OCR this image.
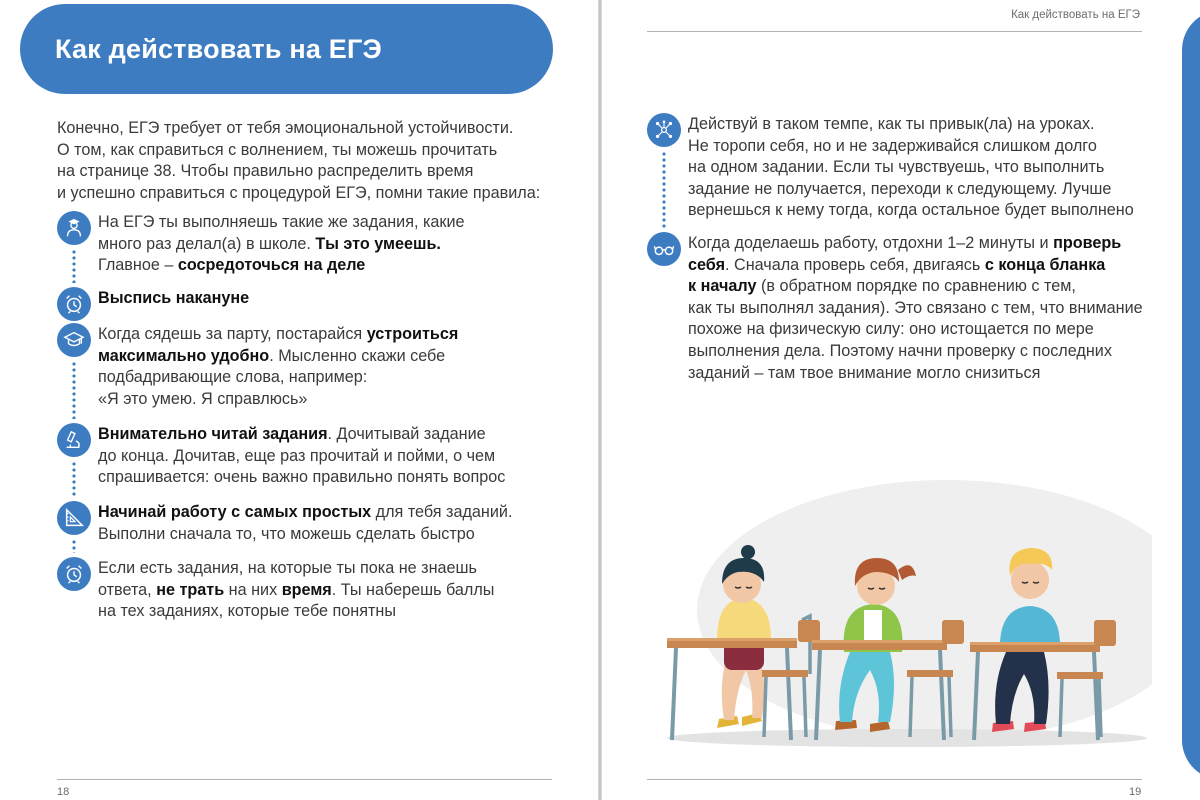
Как действовать на ЕГЭ
Конечно, ЕГЭ требует от тебя эмоциональной устойчивости.
О том, как справиться с волнением, ты можешь прочитать
на странице 38. Чтобы правильно распределить время
и успешно справиться с процедурой ЕГЭ, помни такие правила:
На ЕГЭ ты выполняешь такие же задания, какие
много раз делал(а) в школе. Ты это умеешь.
Главное – сосредоточься на деле
Выспись накануне
Когда сядешь за парту, постарайся устроиться
максимально удобно. Мысленно скажи себе
подбадривающие слова, например:
«Я это умею. Я справлюсь»
Внимательно читай задания. Дочитывай задание
до конца. Дочитав, еще раз прочитай и пойми, о чем
спрашивается: очень важно правильно понять вопрос
Начинай работу с самых простых для тебя заданий.
Выполни сначала то, что можешь сделать быстро
Если есть задания, на которые ты пока не знаешь
ответа, не трать на них время. Ты наберешь баллы
на тех заданиях, которые тебе понятны
18
Как действовать на ЕГЭ
Действуй в таком темпе, как ты привык(ла) на уроках.
Не торопи себя, но и не задерживайся слишком долго
на одном задании. Если ты чувствуешь, что выполнить
задание не получается, переходи к следующему. Лучше
вернешься к нему тогда, когда остальное будет выполнено
Когда доделаешь работу, отдохни 1–2 минуты и проверь
себя. Сначала проверь себя, двигаясь с конца бланка
к началу (в обратном порядке по сравнению с тем,
как ты выполнял задания). Это связано с тем, что внимание
похоже на физическую силу: оно истощается по мере
выполнения дела. Поэтому начни проверку с последних
заданий – там твое внимание могло снизиться
19
